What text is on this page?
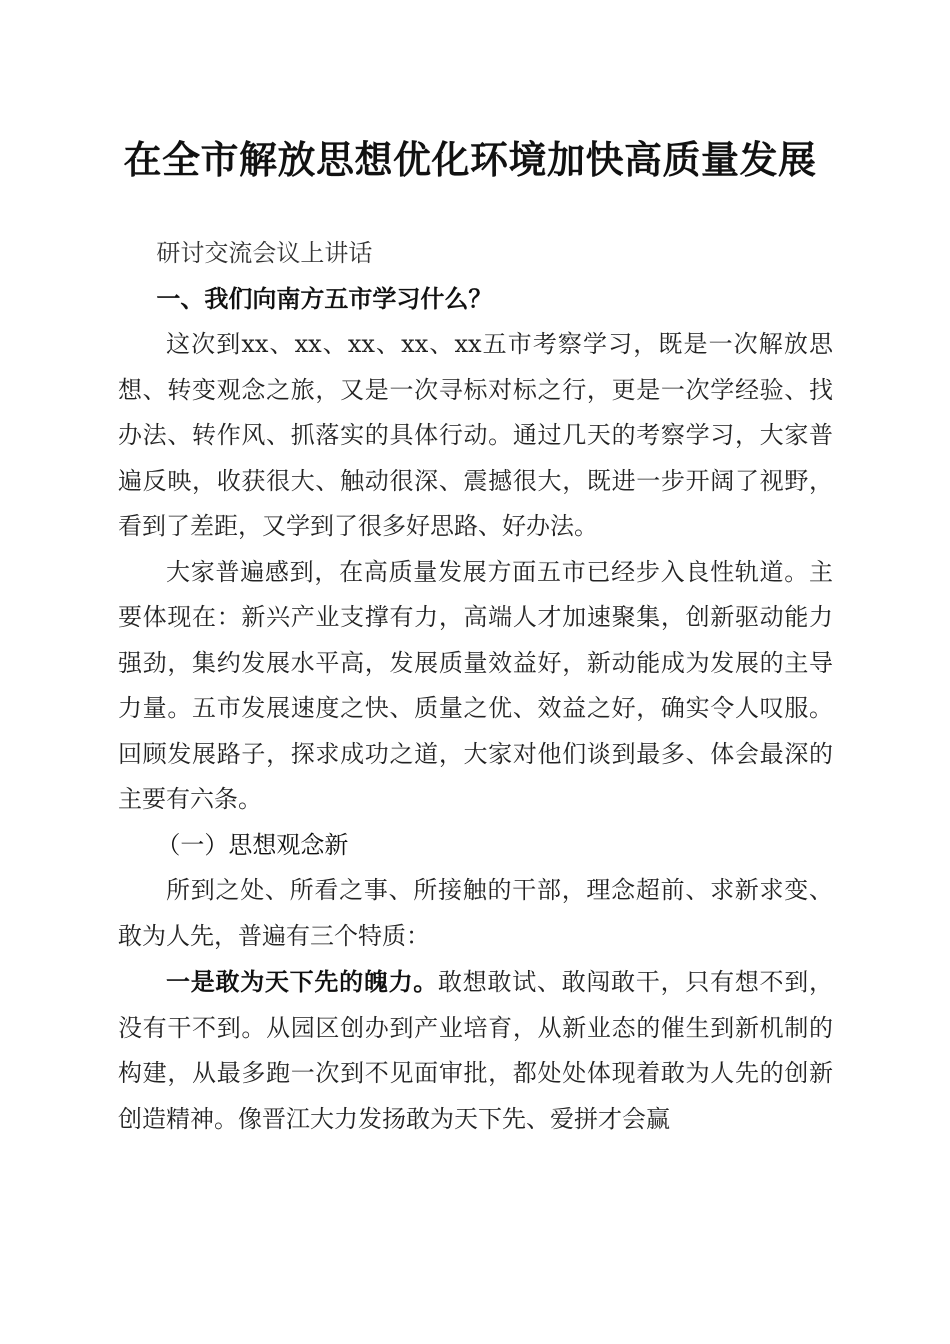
在全市解放思想优化环境加快高质量发展

研讨交流会议上讲话

一、我们向南方五市学习什么？

这次到xx、xx、xx、xx、xx五市考察学习，既是一次解放思想、转变观念之旅，又是一次寻标对标之行，更是一次学经验、找办法、转作风、抓落实的具体行动。通过几天的考察学习，大家普遍反映，收获很大、触动很深、震撼很大，既进一步开阔了视野，看到了差距，又学到了很多好思路、好办法。

大家普遍感到，在高质量发展方面五市已经步入良性轨道。主要体现在：新兴产业支撑有力，高端人才加速聚集，创新驱动能力强劲，集约发展水平高，发展质量效益好，新动能成为发展的主导力量。五市发展速度之快、质量之优、效益之好，确实令人叹服。回顾发展路子，探求成功之道，大家对他们谈到最多、体会最深的主要有六条。

（一）思想观念新

所到之处、所看之事、所接触的干部，理念超前、求新求变、敢为人先，普遍有三个特质：

一是敢为天下先的魄力。敢想敢试、敢闯敢干，只有想不到，没有干不到。从园区创办到产业培育，从新业态的催生到新机制的构建，从最多跑一次到不见面审批，都处处体现着敢为人先的创新创造精神。像晋江大力发扬敢为天下先、爱拼才会赢
